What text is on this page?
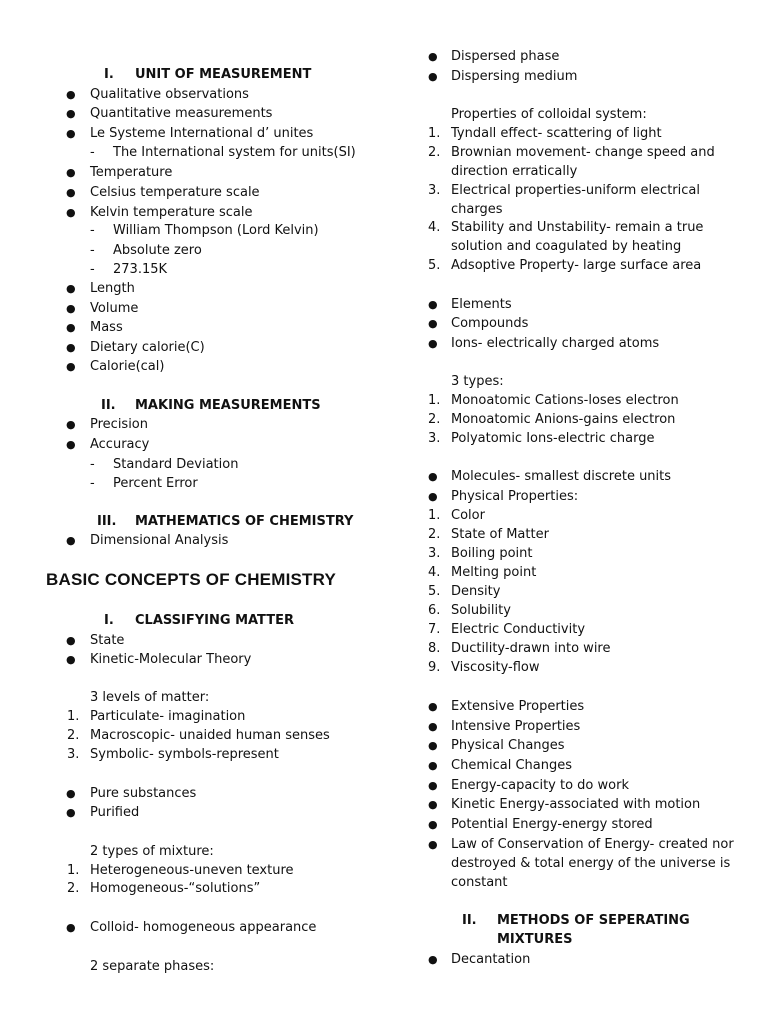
I. UNIT OF MEASUREMENT
● Qualitative observations
● Quantitative measurements
● Le Systeme International d’ unites
- The International system for units(SI)
● Temperature
● Celsius temperature scale
● Kelvin temperature scale
- William Thompson (Lord Kelvin)
- Absolute zero
- 273.15K
● Length
● Volume
● Mass
● Dietary calorie(C)
● Calorie(cal)
II. MAKING MEASUREMENTS
● Precision
● Accuracy
- Standard Deviation
- Percent Error
III. MATHEMATICS OF CHEMISTRY
● Dimensional Analysis
BASIC CONCEPTS OF CHEMISTRY
I. CLASSIFYING MATTER
● State
● Kinetic-Molecular Theory
3 levels of matter:
1. Particulate- imagination
2. Macroscopic- unaided human senses
3. Symbolic- symbols-represent
● Pure substances
● Purified
2 types of mixture:
1. Heterogeneous-uneven texture
2. Homogeneous-“solutions”
● Colloid- homogeneous appearance
2 separate phases:
● Dispersed phase
● Dispersing medium
Properties of colloidal system:
1. Tyndall effect- scattering of light
2. Brownian movement- change speed and
direction erratically
3. Electrical properties-uniform electrical
charges
4. Stability and Unstability- remain a true
solution and coagulated by heating
5. Adsoptive Property- large surface area
● Elements
● Compounds
● Ions- electrically charged atoms
3 types:
1. Monoatomic Cations-loses electron
2. Monoatomic Anions-gains electron
3. Polyatomic Ions-electric charge
● Molecules- smallest discrete units
● Physical Properties:
1. Color
2. State of Matter
3. Boiling point
4. Melting point
5. Density
6. Solubility
7. Electric Conductivity
8. Ductility-drawn into wire
9. Viscosity-flow
● Extensive Properties
● Intensive Properties
● Physical Changes
● Chemical Changes
● Energy-capacity to do work
● Kinetic Energy-associated with motion
● Potential Energy-energy stored
● Law of Conservation of Energy- created nor
destroyed & total energy of the universe is
constant
II. METHODS OF SEPERATING
MIXTURES
● Decantation
